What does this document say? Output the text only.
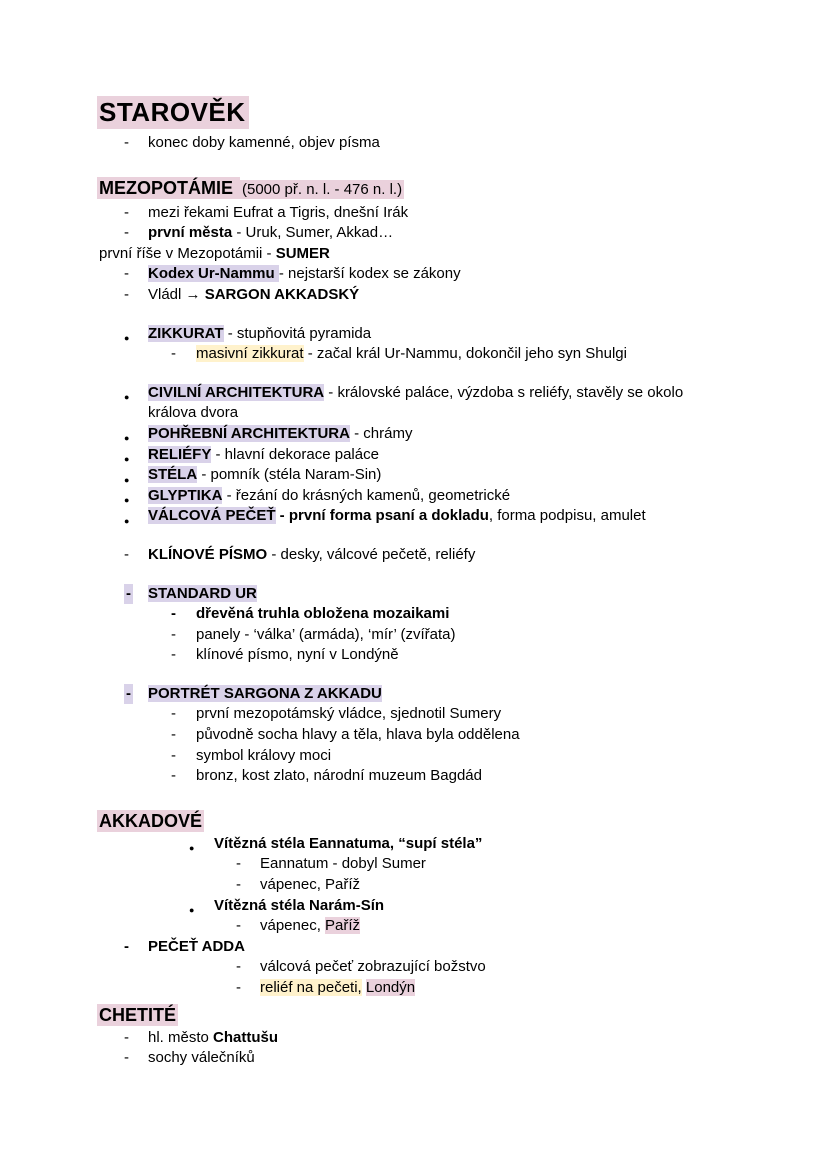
STAROVĚK
- konec doby kamenné, objev písma
MEZOPOTÁMIE (5000 př. n. l. - 476 n. l.)
- mezi řekami Eufrat a Tigris, dnešní Irák
- první města - Uruk, Sumer, Akkad…
první říše v Mezopotámii - SUMER
- Kodex Ur-Nammu - nejstarší kodex se zákony
- Vládl → SARGON AKKADSKÝ
● ZIKKURAT - stupňovitá pyramida
- masivní zikkurat - začal král Ur-Nammu, dokončil jeho syn Shulgi
● CIVILNÍ ARCHITEKTURA - královské paláce, výzdoba s reliéfy, stavěly se okolo králova dvora
● POHŘEBNÍ ARCHITEKTURA - chrámy
● RELIÉFY - hlavní dekorace paláce
● STÉLA - pomník (stéla Naram-Sin)
● GLYPTIKA - řezání do krásných kamenů, geometrické
● VÁLCOVÁ PEČEŤ - první forma psaní a dokladu, forma podpisu, amulet
- KLÍNOVÉ PÍSMO - desky, válcové pečetě, reliéfy
- STANDARD UR
- dřevěná truhla obložena mozaikami
- panely - ‘válka’ (armáda), ‘mír’ (zvířata)
- klínové písmo, nyní v Londýně
- PORTRÉT SARGONA Z AKKADU
- první mezopotámský vládce, sjednotil Sumery
- původně socha hlavy a těla, hlava byla oddělena
- symbol královy moci
- bronz, kost zlato, národní muzeum Bagdád
AKKADOVÉ
● Vítězná stéla Eannatuma, “supí stéla”
- Eannatum - dobyl Sumer
- vápenec, Paříž
● Vítězná stéla Narám-Sín
- vápenec, Paříž
- PEČEŤ ADDA
- válcová pečeť zobrazující božstvo
- reliéf na pečeti, Londýn
CHETITÉ
- hl. město Chattušu
- sochy válečníků
